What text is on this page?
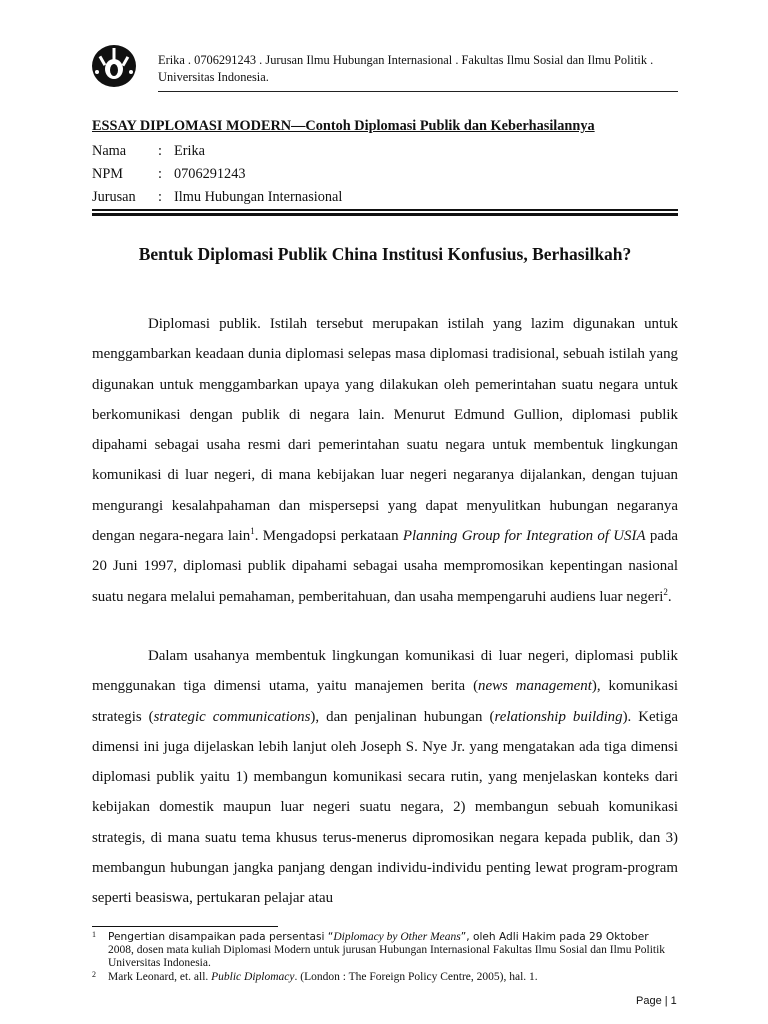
Erika . 0706291243 . Jurusan Ilmu Hubungan Internasional . Fakultas Ilmu Sosial dan Ilmu Politik .
Universitas Indonesia.
ESSAY DIPLOMASI MODERN—Contoh Diplomasi Publik dan Keberhasilannya
Nama : Erika
NPM : 0706291243
Jurusan : Ilmu Hubungan Internasional
Bentuk Diplomasi Publik China Institusi Konfusius, Berhasilkah?

Diplomasi publik. Istilah tersebut merupakan istilah yang lazim digunakan untuk menggambarkan keadaan dunia diplomasi selepas masa diplomasi tradisional, sebuah istilah yang digunakan untuk menggambarkan upaya yang dilakukan oleh pemerintahan suatu negara untuk berkomunikasi dengan publik di negara lain. Menurut Edmund Gullion, diplomasi publik dipahami sebagai usaha resmi dari pemerintahan suatu negara untuk membentuk lingkungan komunikasi di luar negeri, di mana kebijakan luar negeri negaranya dijalankan, dengan tujuan mengurangi kesalahpahaman dan mispersepsi yang dapat menyulitkan hubungan negaranya dengan negara-negara lain$^1$. Mengadopsi perkataan Planning Group for Integration of USIA pada 20 Juni 1997, diplomasi publik dipahami sebagai usaha mempromosikan kepentingan nasional suatu negara melalui pemahaman, pemberitahuan, dan usaha mempengaruhi audiens luar negeri$^2$.

Dalam usahanya membentuk lingkungan komunikasi di luar negeri, diplomasi publik menggunakan tiga dimensi utama, yaitu manajemen berita (news management), komunikasi strategis (strategic communications), dan penjalinan hubungan (relationship building). Ketiga dimensi ini juga dijelaskan lebih lanjut oleh Joseph S. Nye Jr. yang mengatakan ada tiga dimensi diplomasi publik yaitu 1) membangun komunikasi secara rutin, yang menjelaskan konteks dari kebijakan domestik maupun luar negeri suatu negara, 2) membangun sebuah komunikasi strategis, di mana suatu tema khusus terus-menerus dipromosikan negara kepada publik, dan 3) membangun hubungan jangka panjang dengan individu-individu penting lewat program-program seperti beasiswa, pertukaran pelajar atau

1 Pengertian disampaikan pada persentasi “Diplomacy by Other Means”, oleh Adli Hakim pada 29 Oktober
2008, dosen mata kuliah Diplomasi Modern untuk jurusan Hubungan Internasional Fakultas Ilmu Sosial dan Ilmu Politik Universitas Indonesia.
2 Mark Leonard, et. all. Public Diplomacy. (London : The Foreign Policy Centre, 2005), hal. 1.
Page | 1
